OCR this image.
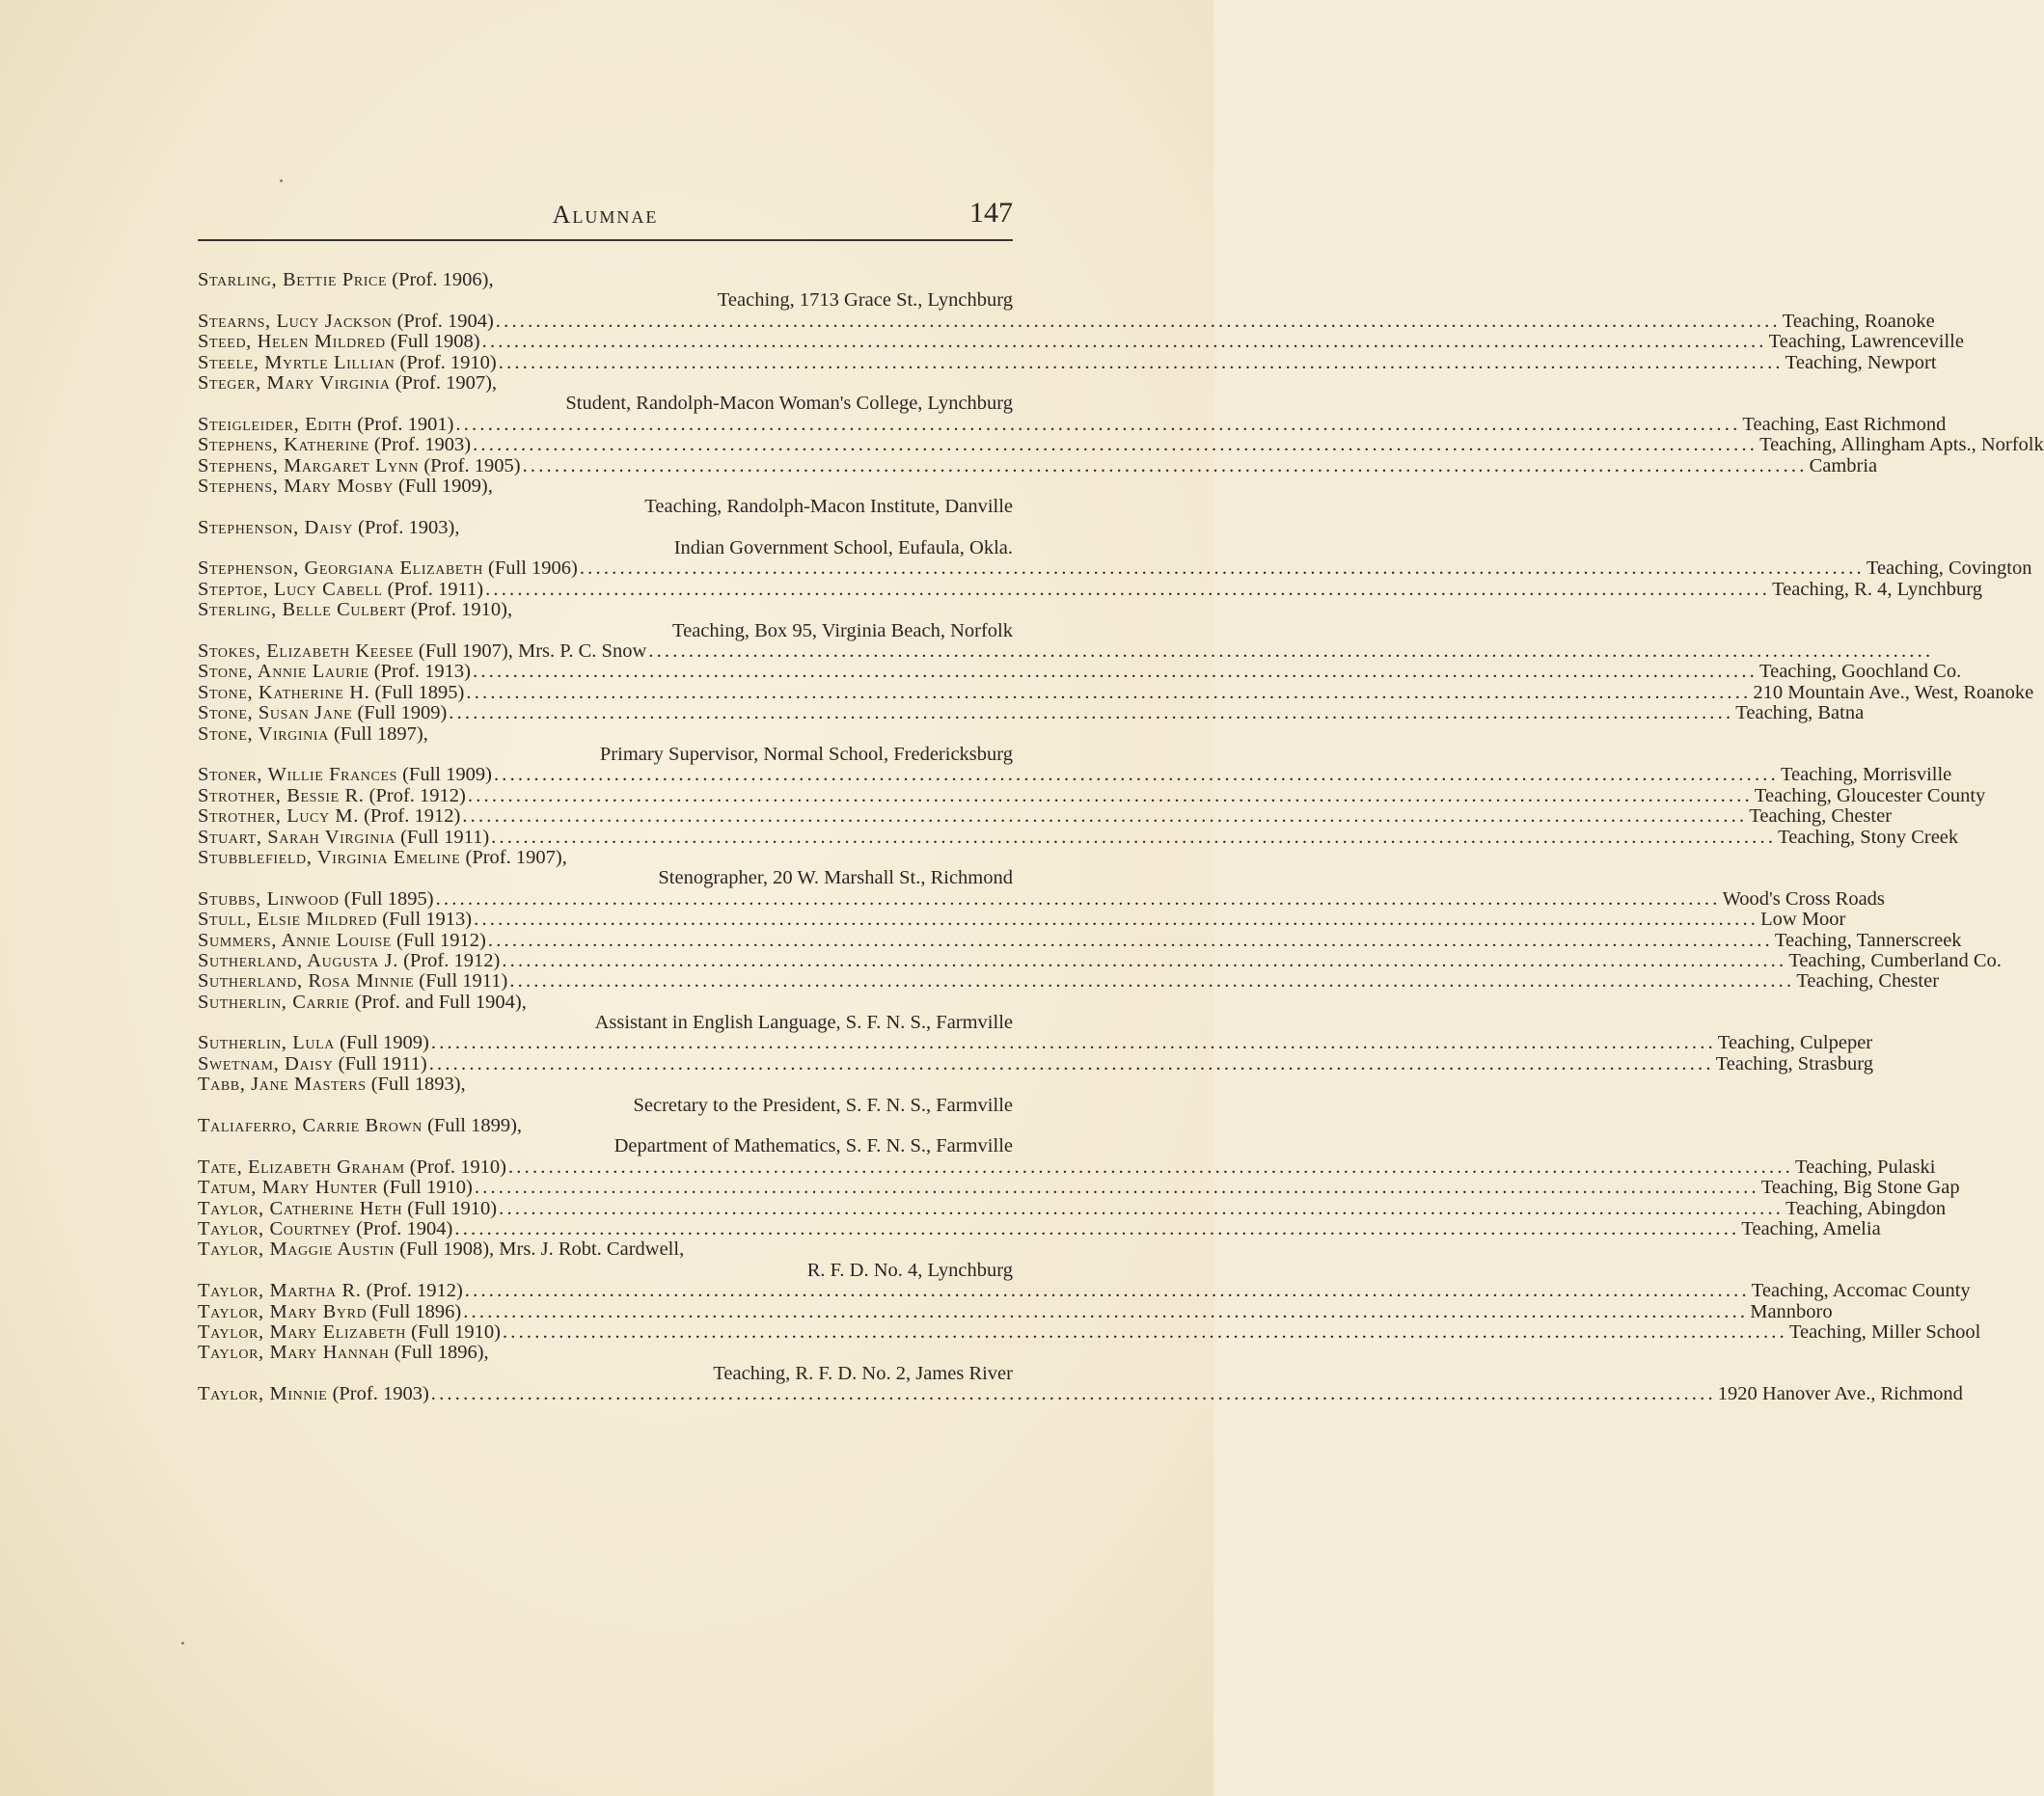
Alumnae	147
Starling, Bettie Price (Prof. 1906),
Teaching, 1713 Grace St., Lynchburg
Stearns, Lucy Jackson (Prof. 1904) ................................................................................................................................................................ Teaching, Roanoke
Steed, Helen Mildred (Full 1908) ................................................................................................................................................................ Teaching, Lawrenceville
Steele, Myrtle Lillian (Prof. 1910) ................................................................................................................................................................ Teaching, Newport
Steger, Mary Virginia (Prof. 1907),
Student, Randolph-Macon Woman's College, Lynchburg
Steigleider, Edith (Prof. 1901) ................................................................................................................................................................ Teaching, East Richmond
Stephens, Katherine (Prof. 1903) ................................................................................................................................................................ Teaching, Allingham Apts., Norfolk
Stephens, Margaret Lynn (Prof. 1905) ................................................................................................................................................................ Cambria
Stephens, Mary Mosby (Full 1909),
Teaching, Randolph-Macon Institute, Danville
Stephenson, Daisy (Prof. 1903),
Indian Government School, Eufaula, Okla.
Stephenson, Georgiana Elizabeth (Full 1906) ................................................................................................................................................................ Teaching, Covington
Steptoe, Lucy Cabell (Prof. 1911) ................................................................................................................................................................ Teaching, R. 4, Lynchburg
Sterling, Belle Culbert (Prof. 1910),
Teaching, Box 95, Virginia Beach, Norfolk
Stokes, Elizabeth Keesee (Full 1907), Mrs. P. C. Snow ................................................................................................................................................................
Stone, Annie Laurie (Prof. 1913) ................................................................................................................................................................ Teaching, Goochland Co.
Stone, Katherine H. (Full 1895) ................................................................................................................................................................ 210 Mountain Ave., West, Roanoke
Stone, Susan Jane (Full 1909) ................................................................................................................................................................ Teaching, Batna
Stone, Virginia (Full 1897),
Primary Supervisor, Normal School, Fredericksburg
Stoner, Willie Frances (Full 1909) ................................................................................................................................................................ Teaching, Morrisville
Strother, Bessie R. (Prof. 1912) ................................................................................................................................................................ Teaching, Gloucester County
Strother, Lucy M. (Prof. 1912) ................................................................................................................................................................ Teaching, Chester
Stuart, Sarah Virginia (Full 1911) ................................................................................................................................................................ Teaching, Stony Creek
Stubblefield, Virginia Emeline (Prof. 1907),
Stenographer, 20 W. Marshall St., Richmond
Stubbs, Linwood (Full 1895) ................................................................................................................................................................ Wood's Cross Roads
Stull, Elsie Mildred (Full 1913) ................................................................................................................................................................ Low Moor
Summers, Annie Louise (Full 1912) ................................................................................................................................................................ Teaching, Tannerscreek
Sutherland, Augusta J. (Prof. 1912) ................................................................................................................................................................ Teaching, Cumberland Co.
Sutherland, Rosa Minnie (Full 1911) ................................................................................................................................................................ Teaching, Chester
Sutherlin, Carrie (Prof. and Full 1904),
Assistant in English Language, S. F. N. S., Farmville
Sutherlin, Lula (Full 1909) ................................................................................................................................................................ Teaching, Culpeper
Swetnam, Daisy (Full 1911) ................................................................................................................................................................ Teaching, Strasburg
Tabb, Jane Masters (Full 1893),
Secretary to the President, S. F. N. S., Farmville
Taliaferro, Carrie Brown (Full 1899),
Department of Mathematics, S. F. N. S., Farmville
Tate, Elizabeth Graham (Prof. 1910) ................................................................................................................................................................ Teaching, Pulaski
Tatum, Mary Hunter (Full 1910) ................................................................................................................................................................ Teaching, Big Stone Gap
Taylor, Catherine Heth (Full 1910) ................................................................................................................................................................ Teaching, Abingdon
Taylor, Courtney (Prof. 1904) ................................................................................................................................................................ Teaching, Amelia
Taylor, Maggie Austin (Full 1908), Mrs. J. Robt. Cardwell,
R. F. D. No. 4, Lynchburg
Taylor, Martha R. (Prof. 1912) ................................................................................................................................................................ Teaching, Accomac County
Taylor, Mary Byrd (Full 1896) ................................................................................................................................................................ Mannboro
Taylor, Mary Elizabeth (Full 1910) ................................................................................................................................................................ Teaching, Miller School
Taylor, Mary Hannah (Full 1896),
Teaching, R. F. D. No. 2, James River
Taylor, Minnie (Prof. 1903) ................................................................................................................................................................ 1920 Hanover Ave., Richmond
